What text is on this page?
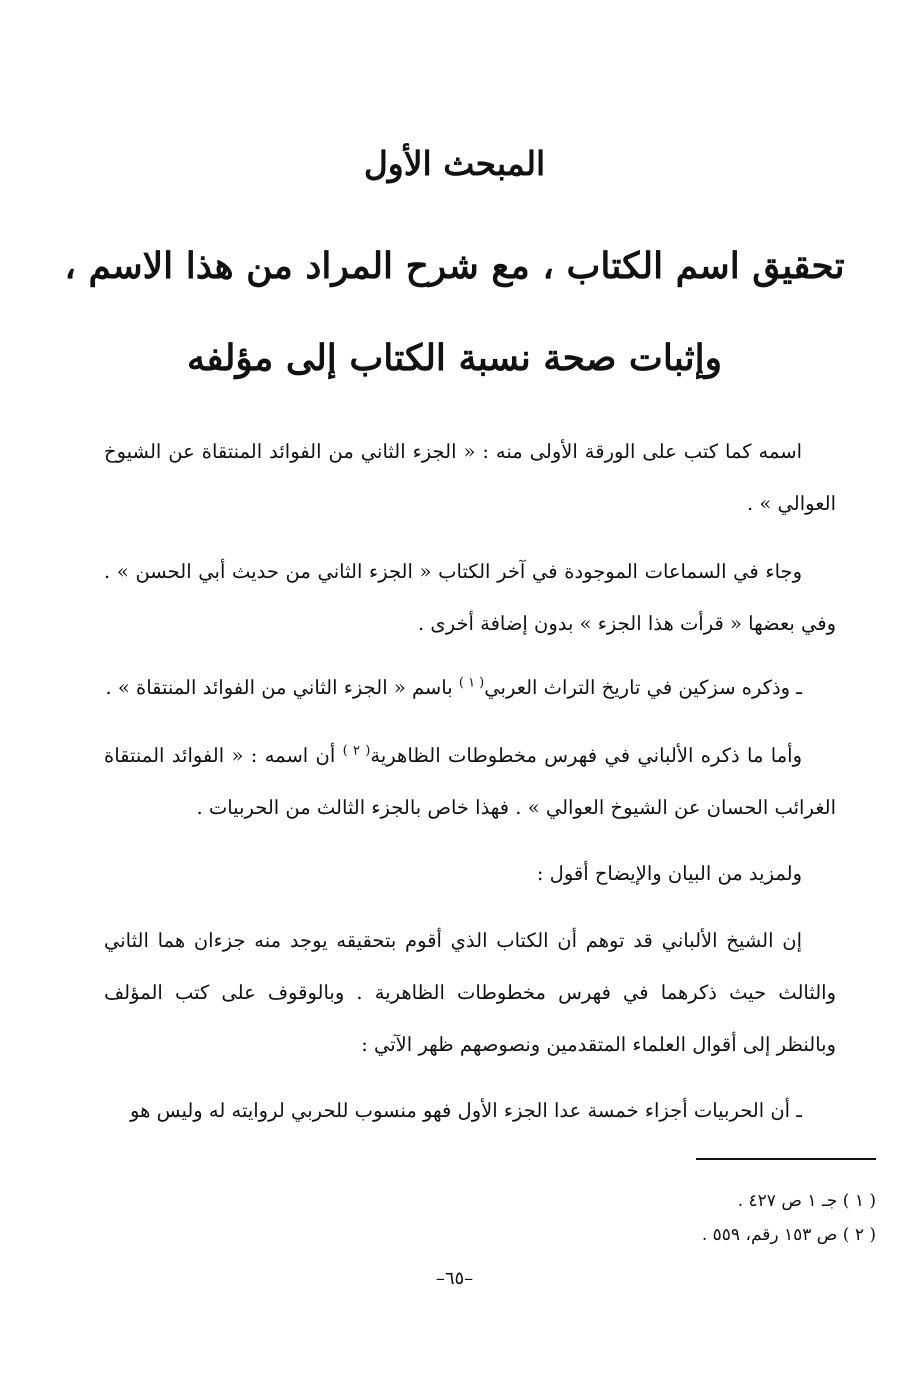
المبحث الأول
تحقيق اسم الكتاب ، مع شرح المراد من هذا الاسم ،
وإثبات صحة نسبة الكتاب إلى مؤلفه
اسمه كما كتب على الورقة الأولى منه : « الجزء الثاني من الفوائد المنتقاة عن الشيوخ العوالي » .
وجاء في السماعات الموجودة في آخر الكتاب « الجزء الثاني من حديث أبي الحسن » . وفي بعضها « قرأت هذا الجزء » بدون إضافة أخرى .
ـ وذكره سزكين في تاريخ التراث العربي$^{( ١ )}$ باسم « الجزء الثاني من الفوائد المنتقاة » .
وأما ما ذكره الألباني في فهرس مخطوطات الظاهرية$^{( ٢ )}$ أن اسمه : « الفوائد المنتقاة الغرائب الحسان عن الشيوخ العوالي » . فهذا خاص بالجزء الثالث من الحربيات .
ولمزيد من البيان والإيضاح أقول :
إن الشيخ الألباني قد توهم أن الكتاب الذي أقوم بتحقيقه يوجد منه جزءان هما الثاني والثالث حيث ذكرهما في فهرس مخطوطات الظاهرية . وبالوقوف على كتب المؤلف وبالنظر إلى أقوال العلماء المتقدمين ونصوصهم ظهر الآتي :
ـ أن الحربيات أجزاء خمسة عدا الجزء الأول فهو منسوب للحربي لروايته له وليس هو
( ١ ) جـ ١ ص ٤٢٧ .
( ٢ ) ص ١٥٣ رقم، ٥٥٩ .
–٦٥–
